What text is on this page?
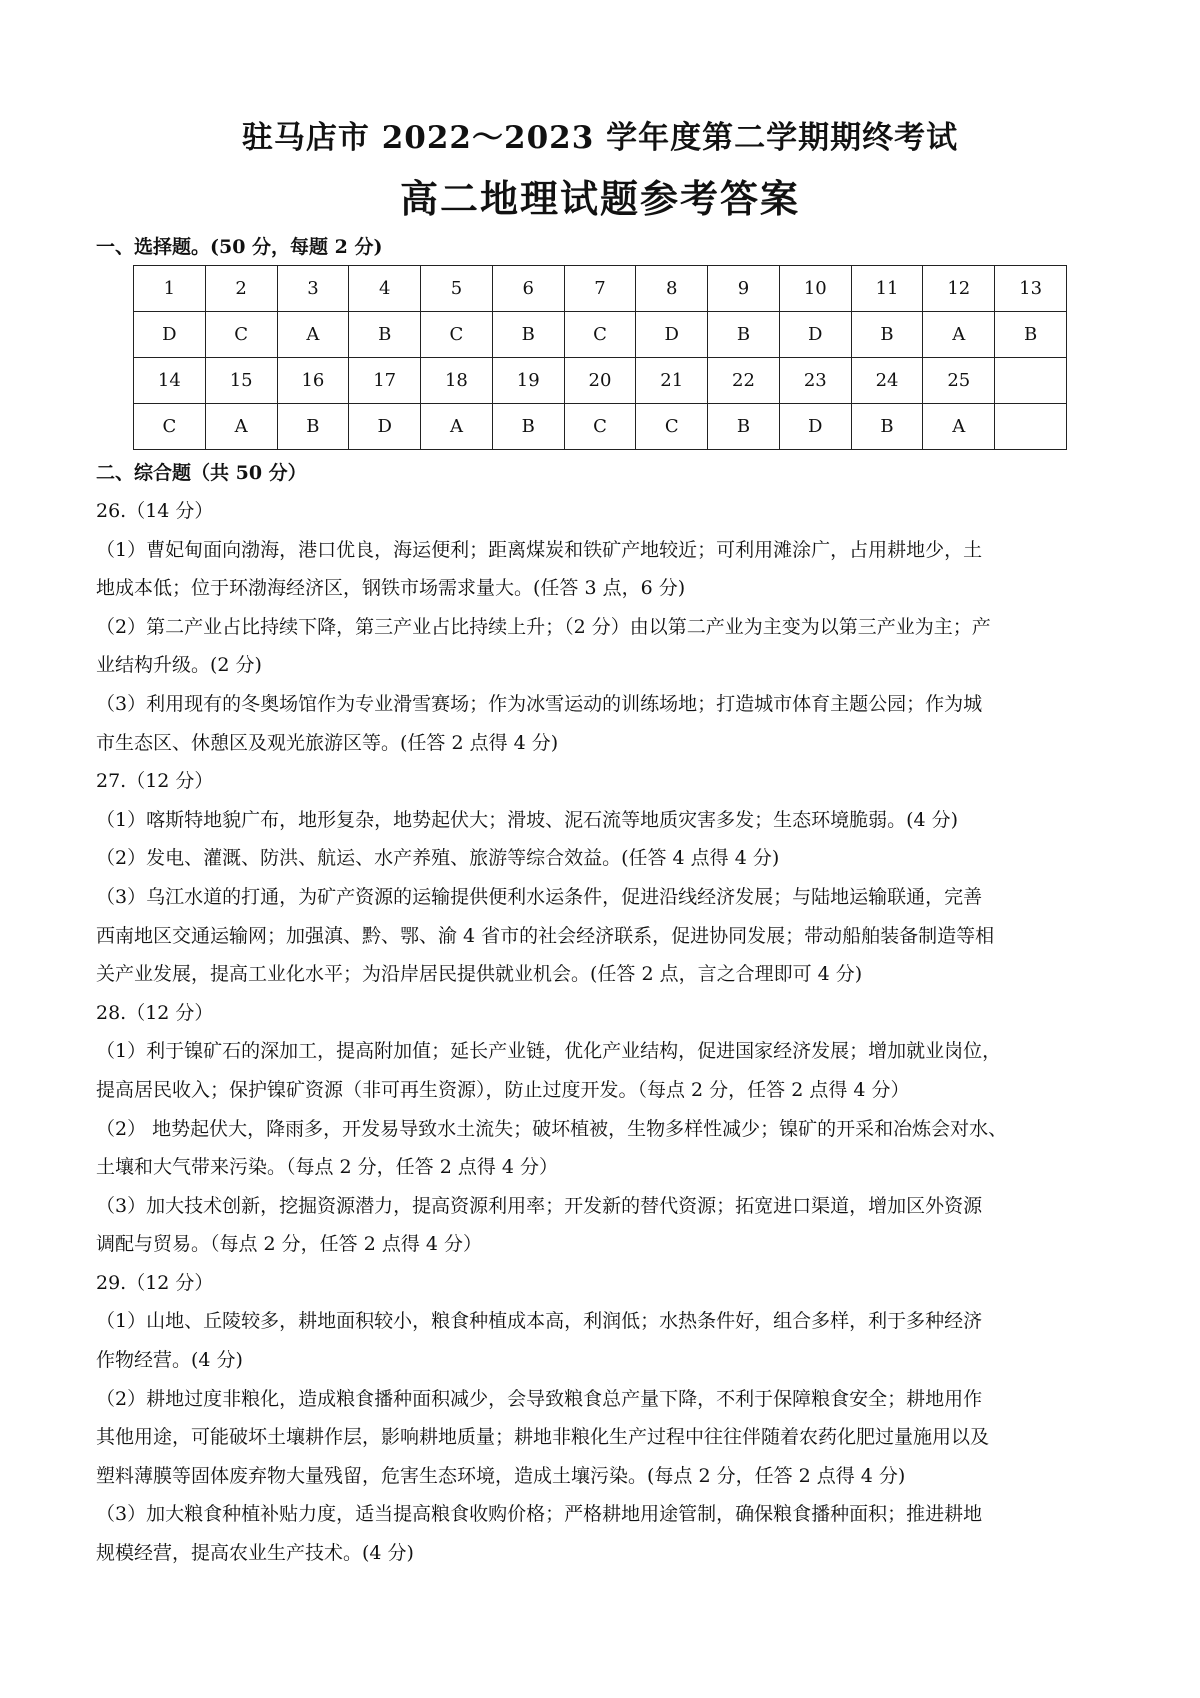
驻马店市 2022～2023 学年度第二学期期终考试
高二地理试题参考答案
一、选择题。(50 分，每题 2 分)
1	2	3	4	5	6	7	8	9	10	11	12	13
D	C	A	B	C	B	C	D	B	D	B	A	B
14	15	16	17	18	19	20	21	22	23	24	25	
C	A	B	D	A	B	C	C	B	D	B	A	
二、综合题（共 50 分）

26.（14 分）

（1）曹妃甸面向渤海，港口优良，海运便利；距离煤炭和铁矿产地较近；可利用滩涂广，占用耕地少，土

地成本低；位于环渤海经济区，钢铁市场需求量大。(任答 3 点，6 分)

（2）第二产业占比持续下降，第三产业占比持续上升；（2 分）由以第二产业为主变为以第三产业为主；产

业结构升级。(2 分)

（3）利用现有的冬奥场馆作为专业滑雪赛场；作为冰雪运动的训练场地；打造城市体育主题公园；作为城

市生态区、休憩区及观光旅游区等。(任答 2 点得 4 分)

27.（12 分）

（1）喀斯特地貌广布，地形复杂，地势起伏大；滑坡、泥石流等地质灾害多发；生态环境脆弱。(4 分)

（2）发电、灌溉、防洪、航运、水产养殖、旅游等综合效益。(任答 4 点得 4 分)

（3）乌江水道的打通，为矿产资源的运输提供便利水运条件，促进沿线经济发展；与陆地运输联通，完善

西南地区交通运输网；加强滇、黔、鄂、渝 4 省市的社会经济联系，促进协同发展；带动船舶装备制造等相

关产业发展，提高工业化水平；为沿岸居民提供就业机会。(任答 2 点，言之合理即可 4 分)

28.（12 分）

（1）利于镍矿石的深加工，提高附加值；延长产业链，优化产业结构，促进国家经济发展；增加就业岗位，

提高居民收入；保护镍矿资源（非可再生资源），防止过度开发。（每点 2 分，任答 2 点得 4 分）

（2） 地势起伏大，降雨多，开发易导致水土流失；破坏植被，生物多样性减少；镍矿的开采和冶炼会对水、

土壤和大气带来污染。（每点 2 分，任答 2 点得 4 分）

（3）加大技术创新，挖掘资源潜力，提高资源利用率；开发新的替代资源；拓宽进口渠道，增加区外资源

调配与贸易。（每点 2 分，任答 2 点得 4 分）

29.（12 分）

（1）山地、丘陵较多，耕地面积较小，粮食种植成本高，利润低；水热条件好，组合多样，利于多种经济

作物经营。(4 分)

（2）耕地过度非粮化，造成粮食播种面积减少，会导致粮食总产量下降，不利于保障粮食安全；耕地用作

其他用途，可能破坏土壤耕作层，影响耕地质量；耕地非粮化生产过程中往往伴随着农药化肥过量施用以及

塑料薄膜等固体废弃物大量残留，危害生态环境，造成土壤污染。(每点 2 分，任答 2 点得 4 分)

（3）加大粮食种植补贴力度，适当提高粮食收购价格；严格耕地用途管制，确保粮食播种面积；推进耕地

规模经营，提高农业生产技术。(4 分)
